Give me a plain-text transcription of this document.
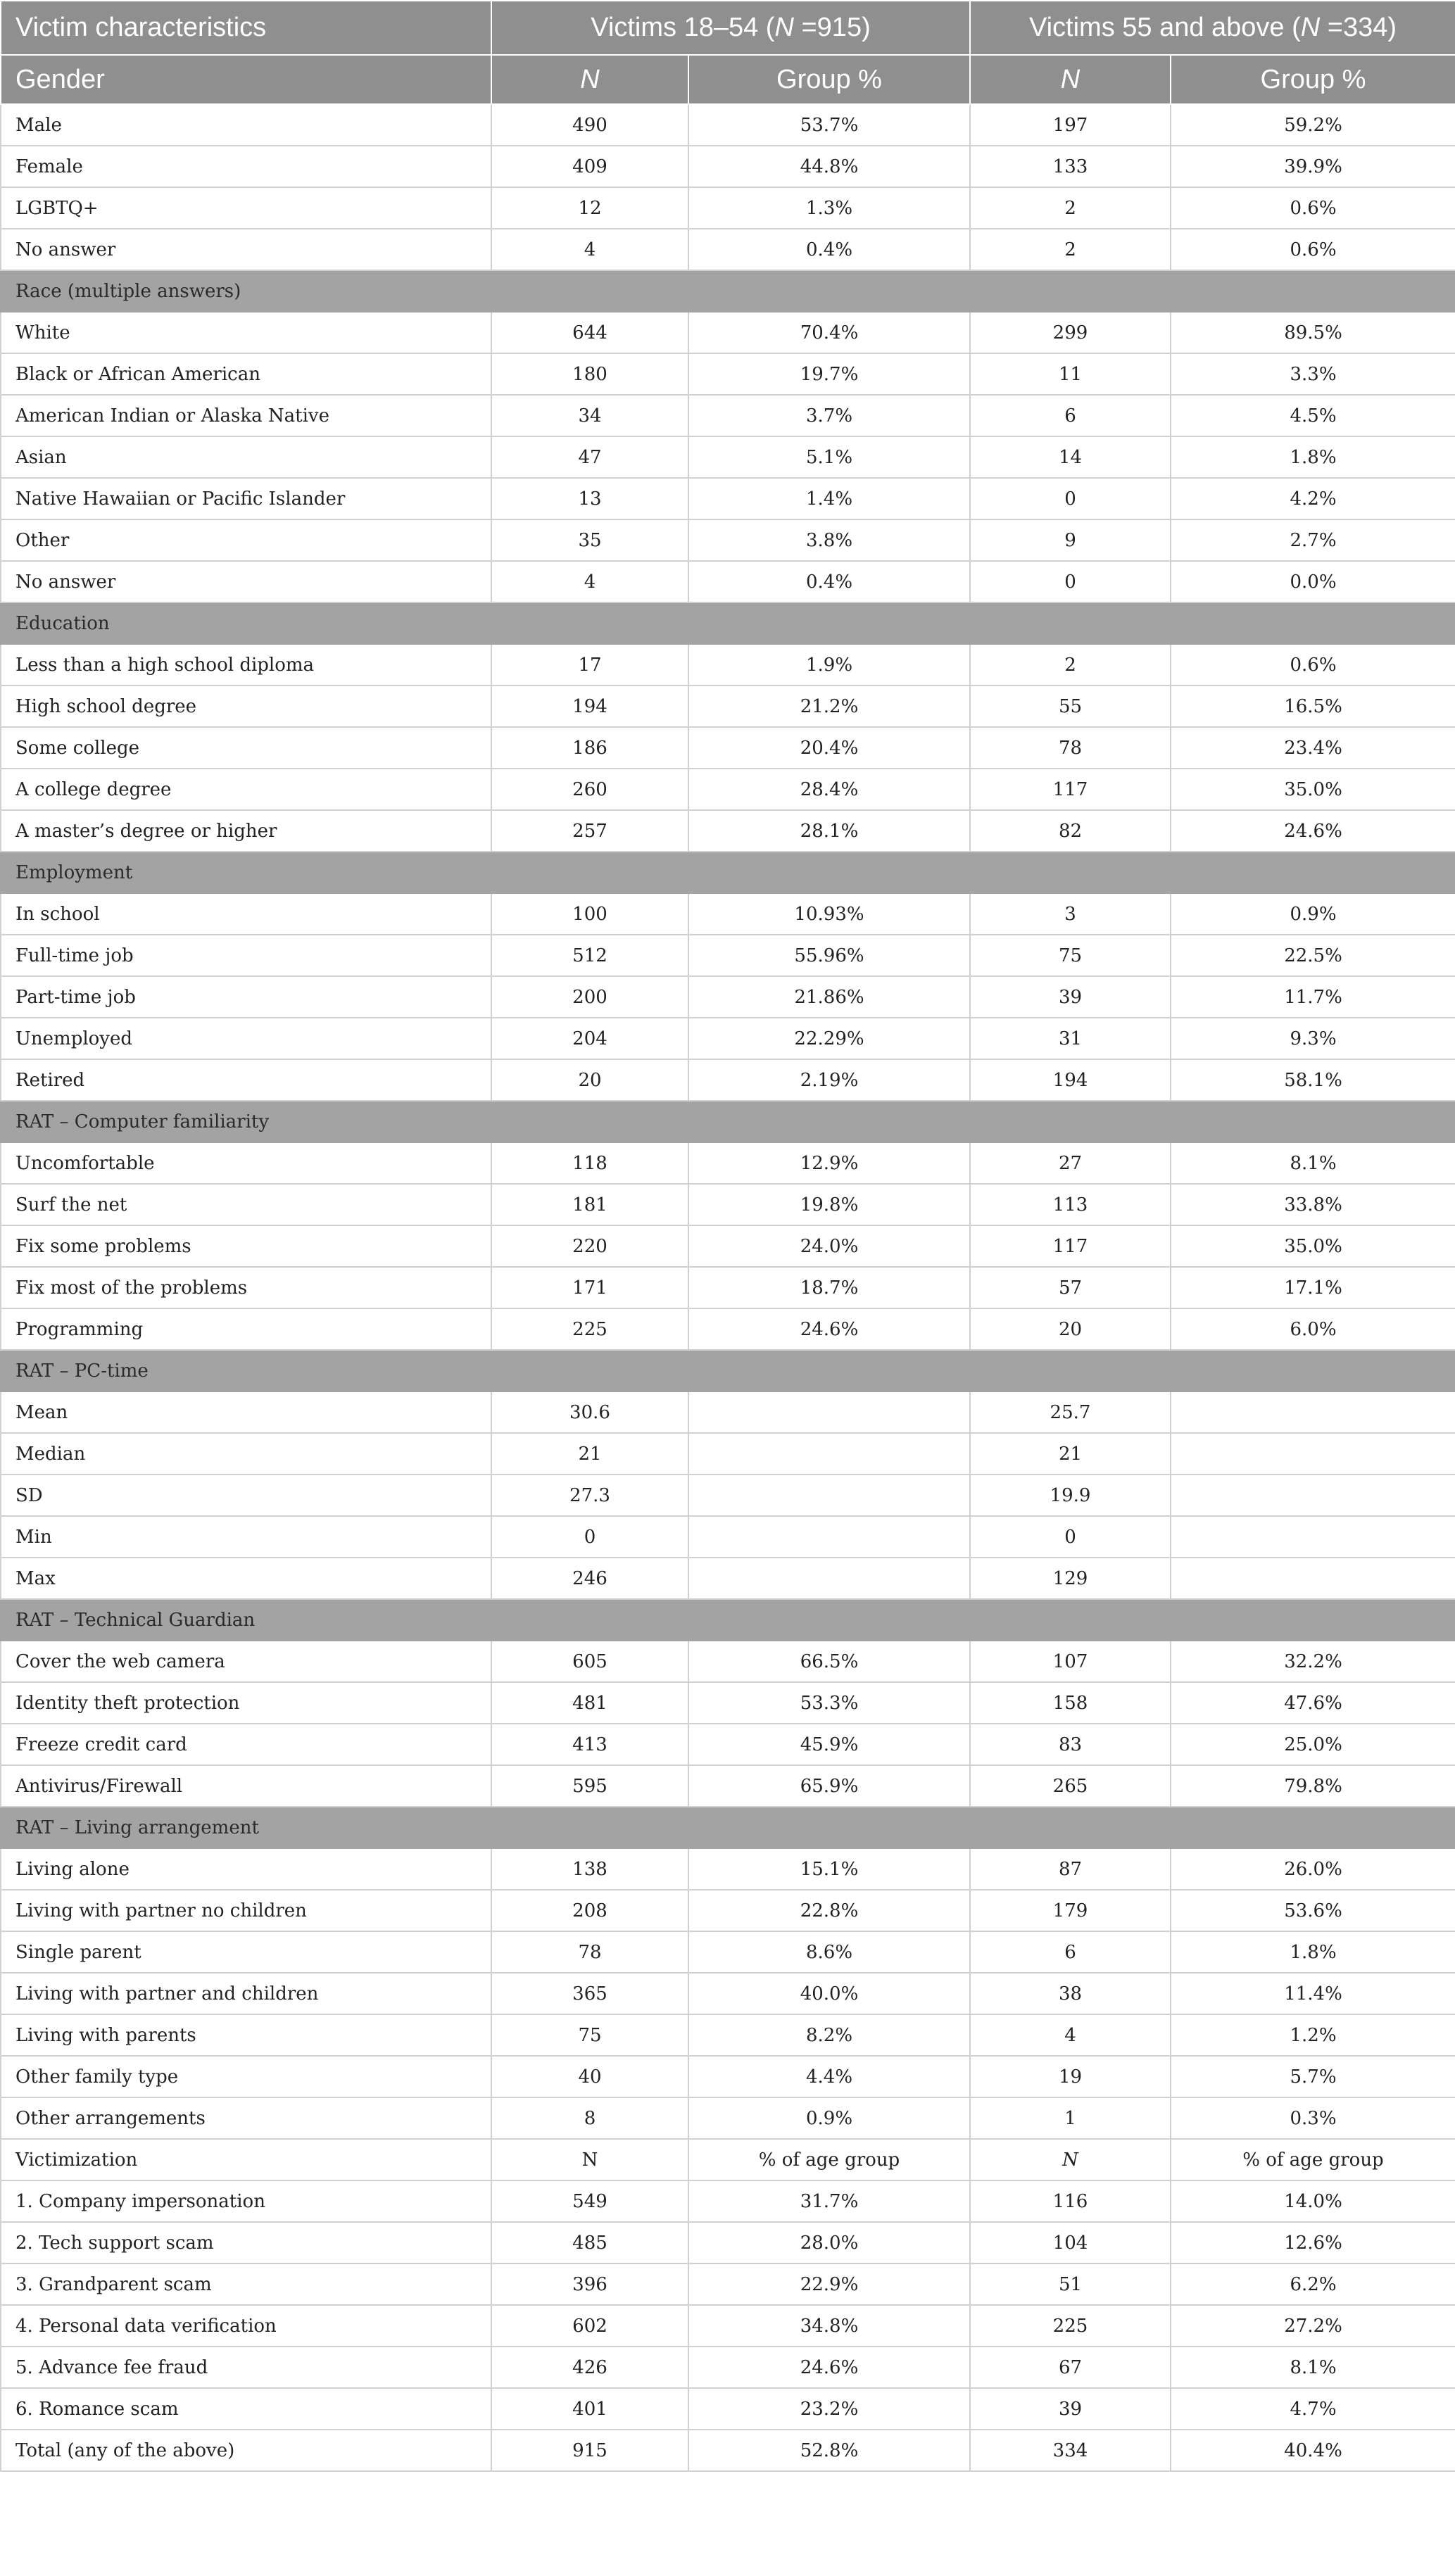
Victim characteristics	Victims 18–54 (N =915)		Victims 55 and above (N =334)	
Gender	N	Group %	N	Group %
Male	490	53.7%	197	59.2%
Female	409	44.8%	133	39.9%
LGBTQ+	12	1.3%	2	0.6%
No answer	4	0.4%	2	0.6%
Race (multiple answers)				
White	644	70.4%	299	89.5%
Black or African American	180	19.7%	11	3.3%
American Indian or Alaska Native	34	3.7%	6	4.5%
Asian	47	5.1%	14	1.8%
Native Hawaiian or Pacific Islander	13	1.4%	0	4.2%
Other	35	3.8%	9	2.7%
No answer	4	0.4%	0	0.0%
Education				
Less than a high school diploma	17	1.9%	2	0.6%
High school degree	194	21.2%	55	16.5%
Some college	186	20.4%	78	23.4%
A college degree	260	28.4%	117	35.0%
A master’s degree or higher	257	28.1%	82	24.6%
Employment				
In school	100	10.93%	3	0.9%
Full-time job	512	55.96%	75	22.5%
Part-time job	200	21.86%	39	11.7%
Unemployed	204	22.29%	31	9.3%
Retired	20	2.19%	194	58.1%
RAT – Computer familiarity				
Uncomfortable	118	12.9%	27	8.1%
Surf the net	181	19.8%	113	33.8%
Fix some problems	220	24.0%	117	35.0%
Fix most of the problems	171	18.7%	57	17.1%
Programming	225	24.6%	20	6.0%
RAT – PC-time				
Mean	30.6		25.7	
Median	21		21	
SD	27.3		19.9	
Min	0		0	
Max	246		129	
RAT – Technical Guardian				
Cover the web camera	605	66.5%	107	32.2%
Identity theft protection	481	53.3%	158	47.6%
Freeze credit card	413	45.9%	83	25.0%
Antivirus/Firewall	595	65.9%	265	79.8%
RAT – Living arrangement				
Living alone	138	15.1%	87	26.0%
Living with partner no children	208	22.8%	179	53.6%
Single parent	78	8.6%	6	1.8%
Living with partner and children	365	40.0%	38	11.4%
Living with parents	75	8.2%	4	1.2%
Other family type	40	4.4%	19	5.7%
Other arrangements	8	0.9%	1	0.3%
Victimization	N	% of age group	N	% of age group
1. Company impersonation	549	31.7%	116	14.0%
2. Tech support scam	485	28.0%	104	12.6%
3. Grandparent scam	396	22.9%	51	6.2%
4. Personal data verification	602	34.8%	225	27.2%
5. Advance fee fraud	426	24.6%	67	8.1%
6. Romance scam	401	23.2%	39	4.7%
Total (any of the above)	915	52.8%	334	40.4%
